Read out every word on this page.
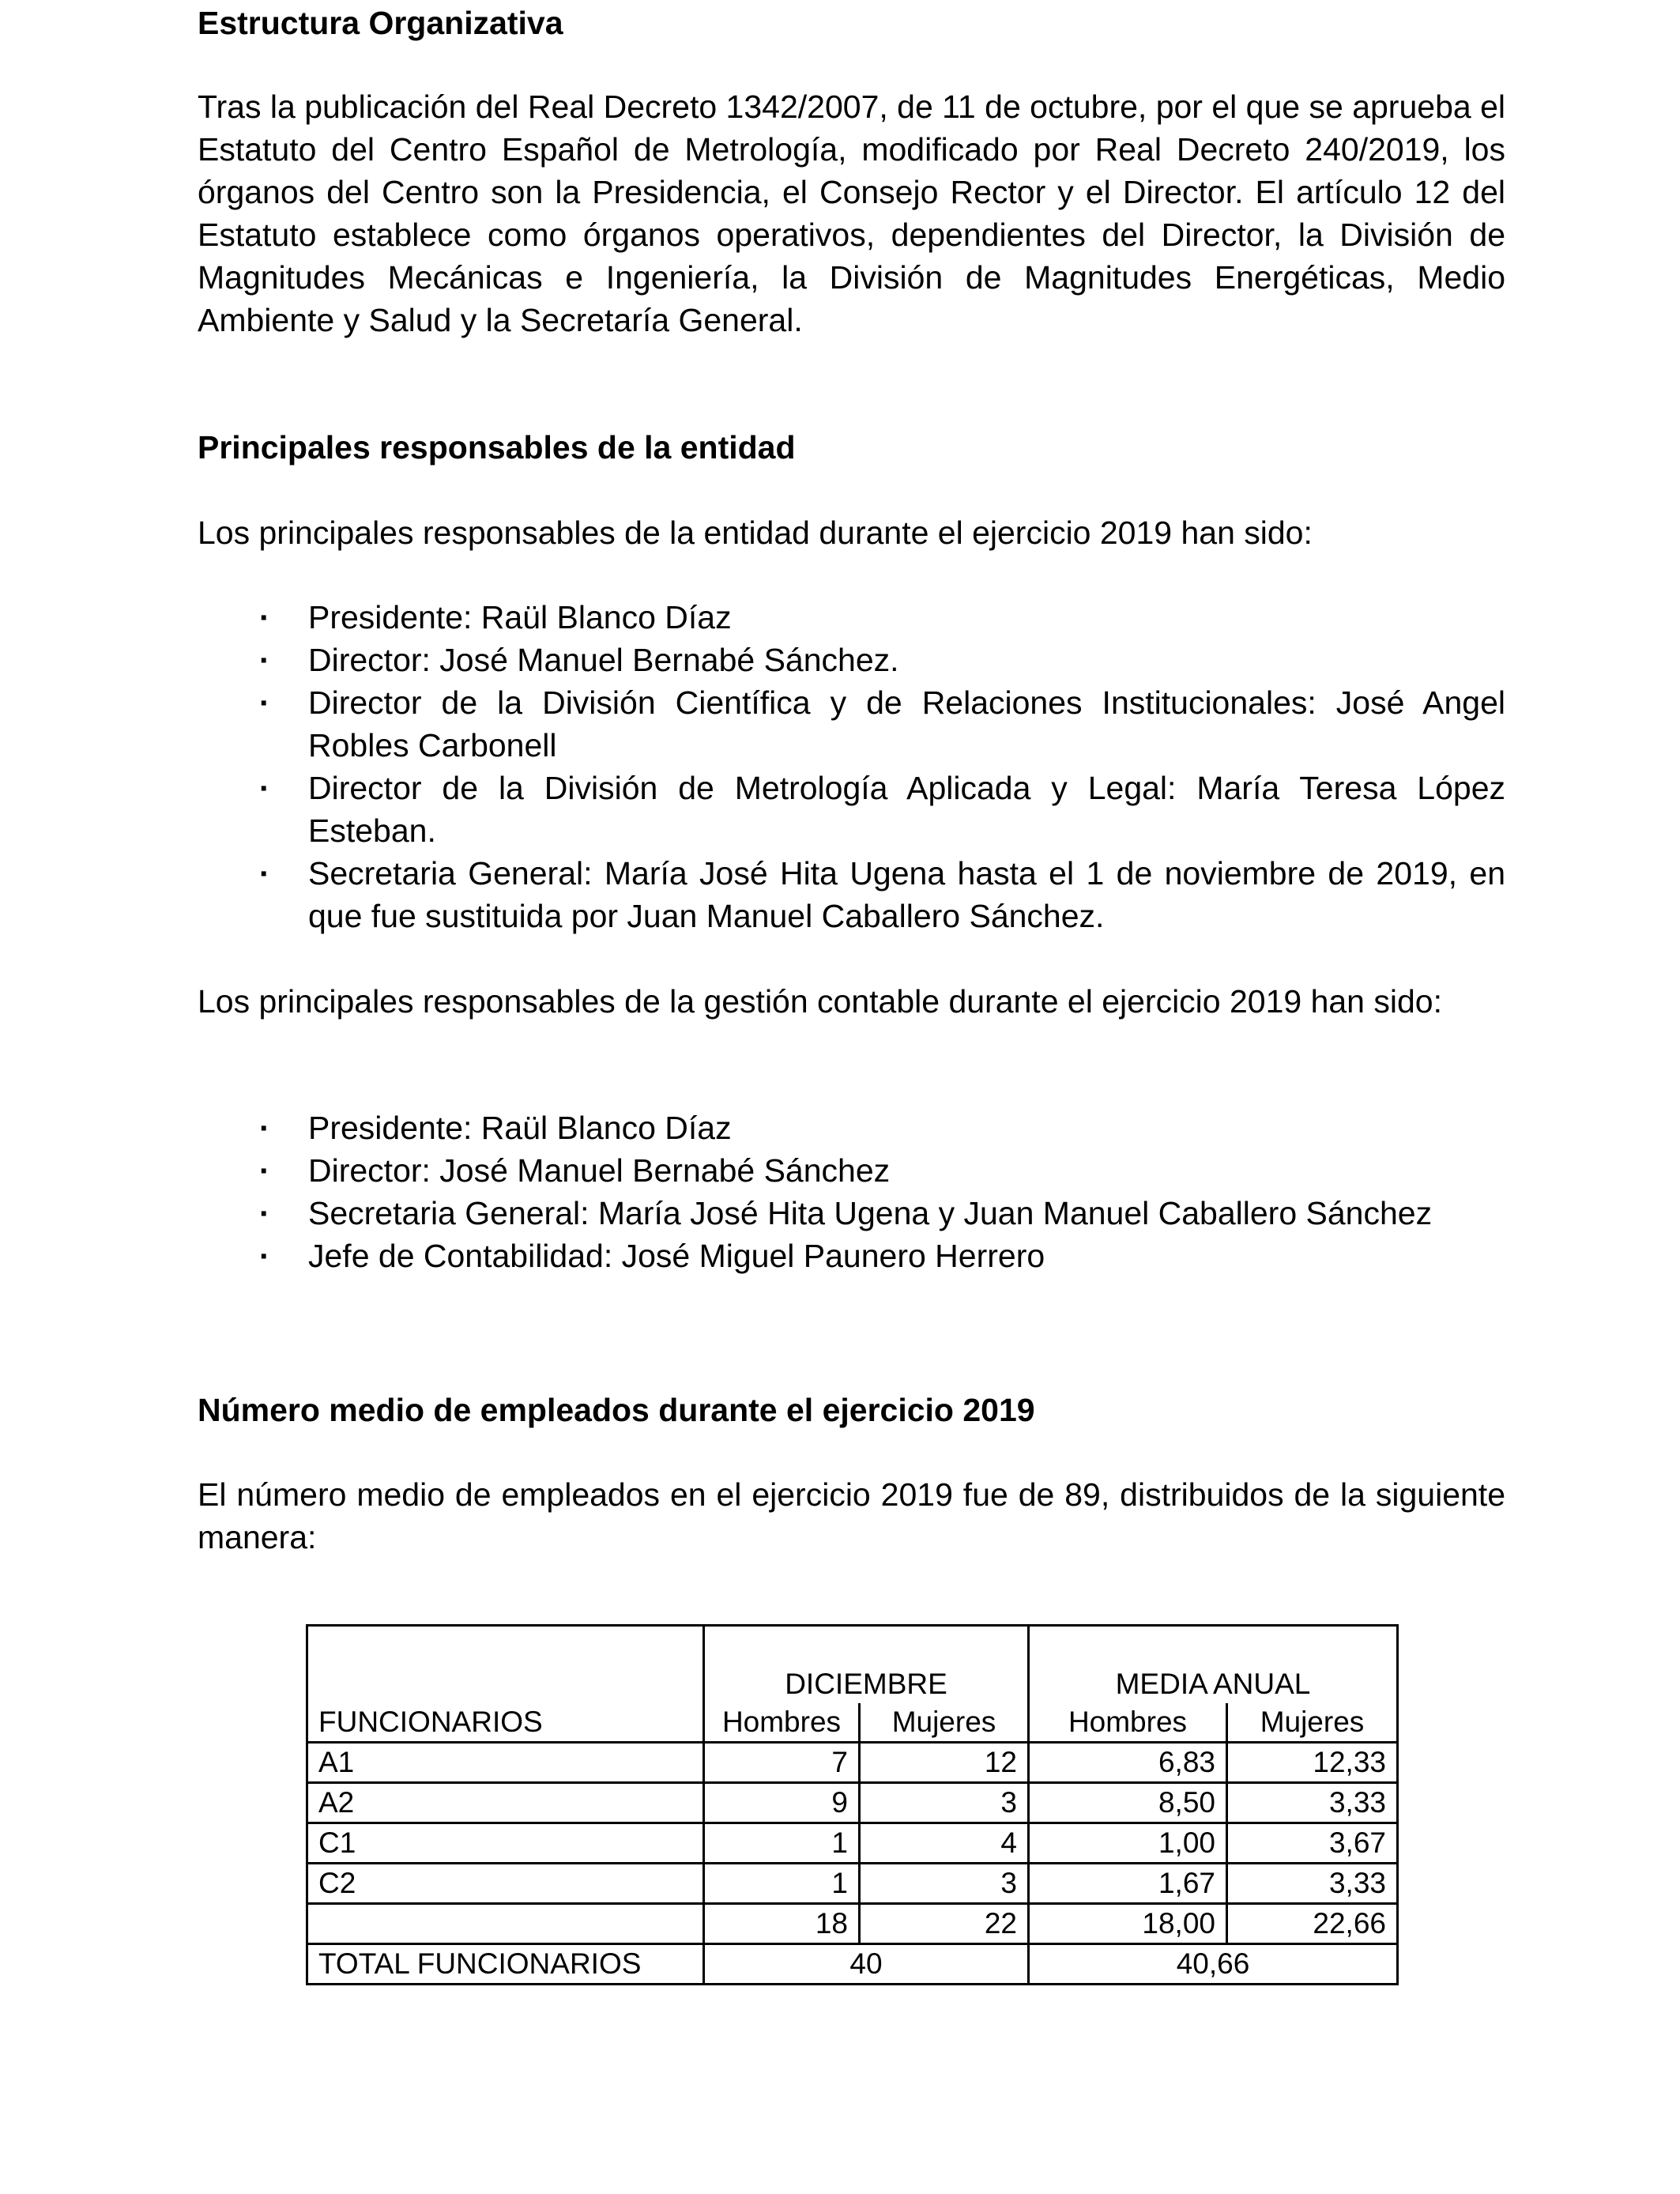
Estructura Organizativa

Tras la publicación del Real Decreto 1342/2007, de 11 de octubre, por el que se aprueba el Estatuto del Centro Español de Metrología, modificado por Real Decreto 240/2019, los órganos del Centro son la Presidencia, el Consejo Rector y el Director. El artículo 12 del Estatuto establece como órganos operativos, dependientes del Director, la División de Magnitudes Mecánicas e Ingeniería, la División de Magnitudes Energéticas, Medio Ambiente y Salud y la Secretaría General.

Principales responsables de la entidad

Los principales responsables de la entidad durante el ejercicio 2019 han sido:

· Presidente: Raül Blanco Díaz
· Director: José Manuel Bernabé Sánchez.
· Director de la División Científica y de Relaciones Institucionales: José Angel Robles Carbonell
· Director de la División de Metrología Aplicada y Legal: María Teresa López Esteban.
· Secretaria General: María José Hita Ugena hasta el 1 de noviembre de 2019, en que fue sustituida por Juan Manuel Caballero Sánchez.

Los principales responsables de la gestión contable durante el ejercicio 2019 han sido:

· Presidente: Raül Blanco Díaz
· Director: José Manuel Bernabé Sánchez
· Secretaria General: María José Hita Ugena y Juan Manuel Caballero Sánchez
· Jefe de Contabilidad: José Miguel Paunero Herrero
Número medio de empleados durante el ejercicio 2019

El número medio de empleados en el ejercicio 2019 fue de 89, distribuidos de la siguiente manera:

	DICIEMBRE		MEDIA ANUAL	
FUNCIONARIOS	Hombres	Mujeres	Hombres	Mujeres
A1	7	12	6,83	12,33
A2	9	3	8,50	3,33
C1	1	4	1,00	3,67
C2	1	3	1,67	3,33
	18	22	18,00	22,66
TOTAL FUNCIONARIOS	40		40,66	
